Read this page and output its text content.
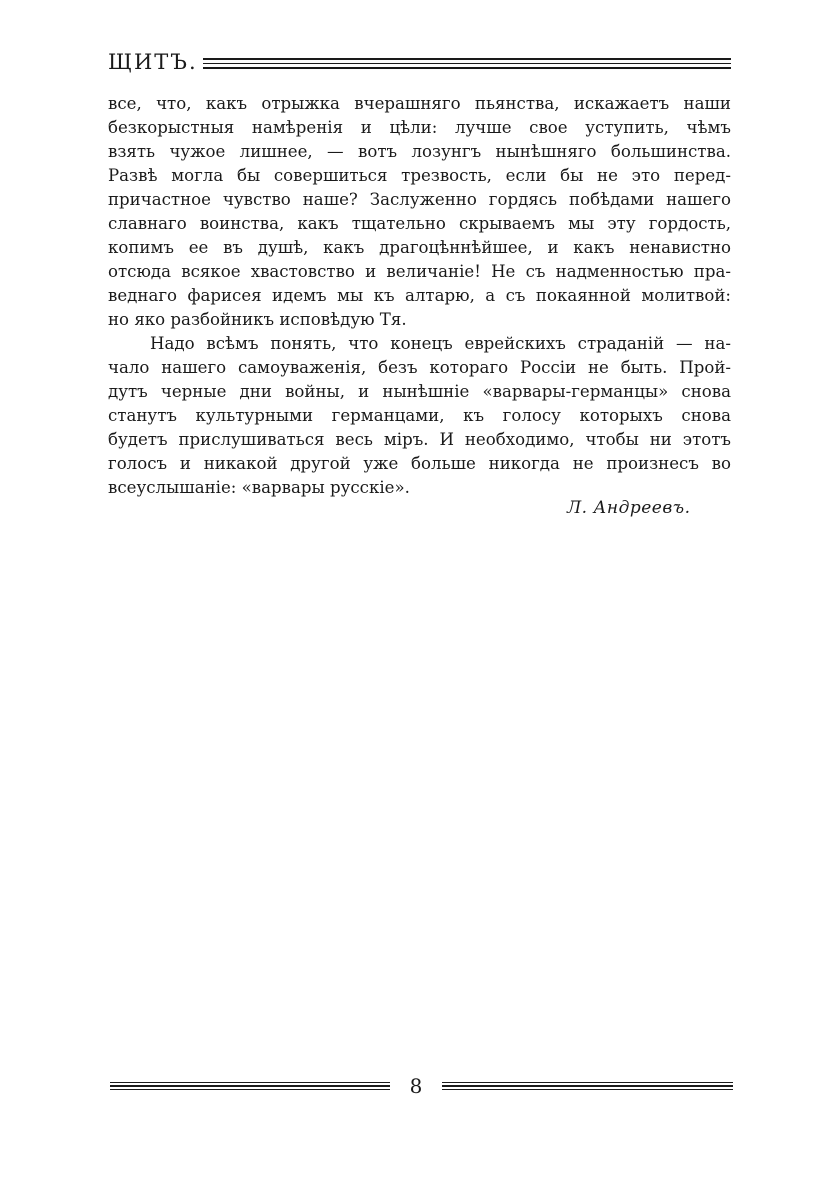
ЩИТЪ.
все, что, какъ отрыжка вчерашняго пьянства, искажаетъ наши
безкорыстныя намѣренія и цѣли: лучше свое уступить, чѣмъ
взять чужое лишнее, — вотъ лозунгъ нынѣшняго большинства.
Развѣ могла бы совершиться трезвость, если бы не это перед-
причастное чувство наше? Заслуженно гордясь побѣдами нашего
славнаго воинства, какъ тщательно скрываемъ мы эту гордость,
копимъ ее въ душѣ, какъ драгоцѣннѣйшее, и какъ ненавистно
отсюда всякое хвастовство и величаніе! Не съ надменностью пра-
веднаго фарисея идемъ мы къ алтарю, а съ покаянной молитвой:
но яко разбойникъ исповѣдую Тя.
Надо всѣмъ понять, что конецъ еврейскихъ страданій — на-
чало нашего самоуваженія, безъ котораго Россіи не быть. Прой-
дутъ черные дни войны, и нынѣшніе «варвары-германцы» снова
станутъ культурными германцами, къ голосу которыхъ снова
будетъ прислушиваться весь міръ. И необходимо, чтобы ни этотъ
голосъ и никакой другой уже больше никогда не произнесъ во
всеуслышаніе: «варвары русскіе».
Л. Андреевъ.
8
